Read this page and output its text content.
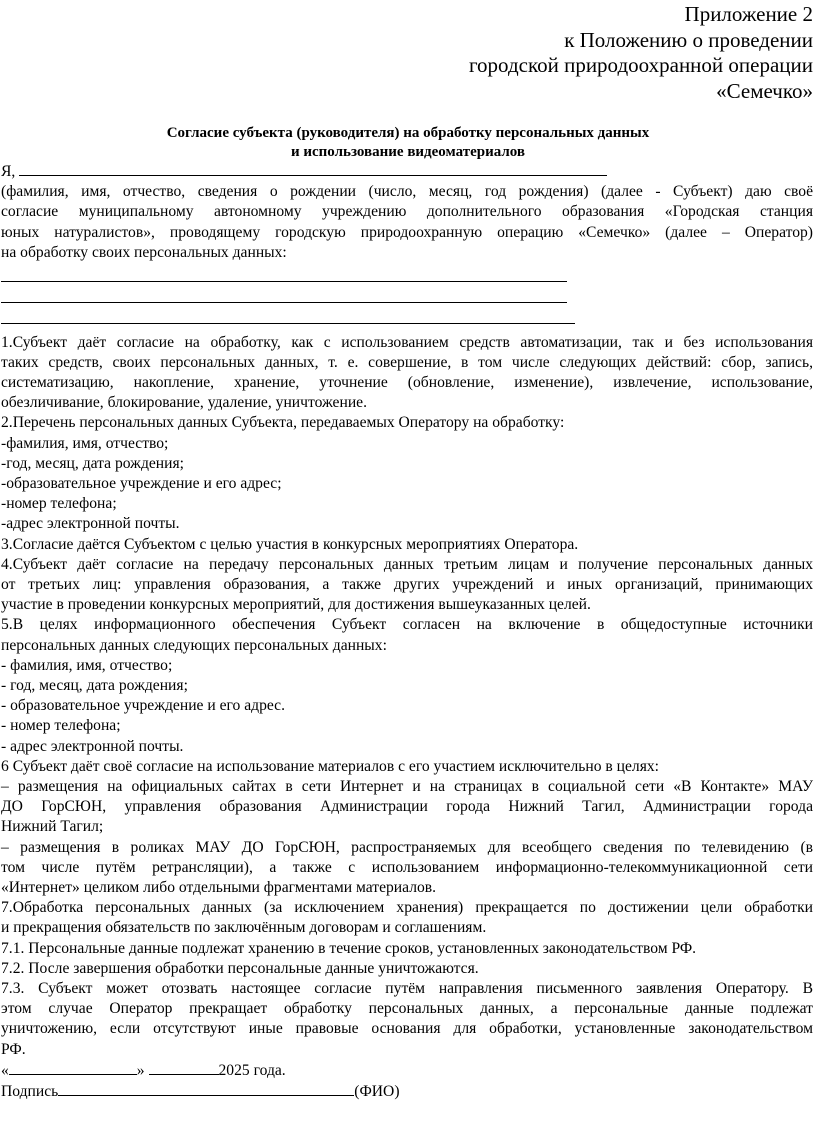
Приложение 2
к Положению о проведении
городской природоохранной операции
«Семечко»
Согласие субъекта (руководителя) на обработку персональных данных
и использование видеоматериалов

Я,

(фамилия, имя, отчество, сведения о рождении (число, месяц, год рождения) (далее - Субъект) даю своё

согласие муниципальному автономному учреждению дополнительного образования «Городская станция

юных натуралистов», проводящему городскую природоохранную операцию «Семечко» (далее – Оператор)

на обработку своих персональных данных:

1.Субъект даёт согласие на обработку, как с использованием средств автоматизации, так и без использования

таких средств, своих персональных данных, т. е. совершение, в том числе следующих действий: сбор, запись,

систематизацию, накопление, хранение, уточнение (обновление, изменение), извлечение, использование,

обезличивание, блокирование, удаление, уничтожение.

2.Перечень персональных данных Субъекта, передаваемых Оператору на обработку:

-фамилия, имя, отчество;

-год, месяц, дата рождения;

-образовательное учреждение и его адрес;

-номер телефона;

-адрес электронной почты.

3.Согласие даётся Субъектом с целью участия в конкурсных мероприятиях Оператора.

4.Субъект даёт согласие на передачу персональных данных третьим лицам и получение персональных данных

от третьих лиц: управления образования, а также других учреждений и иных организаций, принимающих

участие в проведении конкурсных мероприятий, для достижения вышеуказанных целей.

5.В целях информационного обеспечения Субъект согласен на включение в общедоступные источники

персональных данных следующих персональных данных:

- фамилия, имя, отчество;

- год, месяц, дата рождения;

- образовательное учреждение и его адрес.

- номер телефона;

- адрес электронной почты.

6 Субъект даёт своё согласие на использование материалов с его участием исключительно в целях:

– размещения на официальных сайтах в сети Интернет и на страницах в социальной сети «В Контакте» МАУ

ДО ГорСЮН, управления образования Администрации города Нижний Тагил, Администрации города

Нижний Тагил;

– размещения в роликах МАУ ДО ГорСЮН, распространяемых для всеобщего сведения по телевидению (в

том числе путём ретрансляции), а также с использованием информационно-телекоммуникационной сети

«Интернет» целиком либо отдельными фрагментами материалов.

7.Обработка персональных данных (за исключением хранения) прекращается по достижении цели обработки

и прекращения обязательств по заключённым договорам и соглашениям.

7.1. Персональные данные подлежат хранению в течение сроков, установленных законодательством РФ.

7.2. После завершения обработки персональные данные уничтожаются.

7.3. Субъект может отозвать настоящее согласие путём направления письменного заявления Оператору. В

этом случае Оператор прекращает обработку персональных данных, а персональные данные подлежат

уничтожению, если отсутствуют иные правовые основания для обработки, установленные законодательством

РФ.

«	»	2025 года.

Подпись	(ФИО)
